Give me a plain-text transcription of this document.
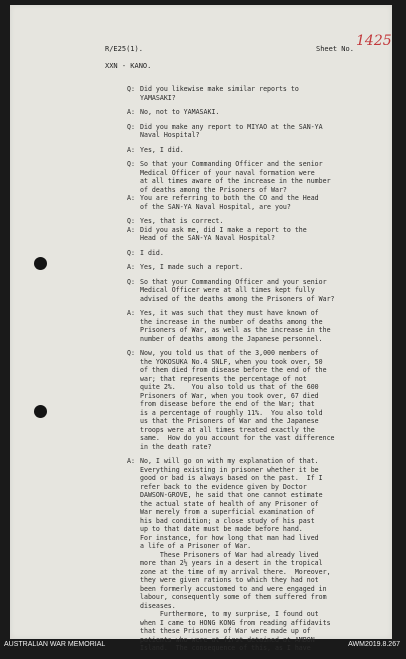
R/E25(1).	Sheet No. 1425
XXN - KANO.
Q: Did you likewise make similar reports to
YAMASAKI?
A: No, not to YAMASAKI.
Q: Did you make any report to MIYAO at the SAN-YA
Naval Hospital?
A: Yes, I did.
Q: So that your Commanding Officer and the senior
Medical Officer of your naval formation were
at all times aware of the increase in the number
of deaths among the Prisoners of War?
A: You are referring to both the CO and the Head
of the SAN-YA Naval Hospital, are you?
Q: Yes, that is correct.
A: Did you ask me, did I make a report to the
Head of the SAN-YA Naval Hospital?
Q: I did.
A: Yes, I made such a report.
Q: So that your Commanding Officer and your senior
Medical Officer were at all times kept fully
advised of the deaths among the Prisoners of War?
A: Yes, it was such that they must have known of
the increase in the number of deaths among the
Prisoners of War, as well as the increase in the
number of deaths among the Japanese personnel.
Q: Now, you told us that of the 3,000 members of
the YOKOSUKA No.4 SNLF, when you took over, 50
of them died from disease before the end of the
war; that represents the percentage of not
quite 2%.    You also told us that of the 600
Prisoners of War, when you took over, 67 died
from disease before the end of the War; that
is a percentage of roughly 11%.  You also told
us that the Prisoners of War and the Japanese
troops were at all times treated exactly the
same.  How do you account for the vast difference
in the death rate?
A: No, I will go on with my explanation of that.
Everything existing in prisoner whether it be
good or bad is always based on the past.  If I
refer back to the evidence given by Doctor
DAWSON-GROVE, he said that one cannot estimate
the actual state of health of any Prisoner of
War merely from a superficial examination of
his bad condition; a close study of his past
up to that date must be made before hand.
For instance, for how long that man had lived
a life of a Prisoner of War.
These Prisoners of War had already lived
more than 2½ years in a desert in the tropical
zone at the time of my arrival there.  Moreover,
they were given rations to which they had not
been formerly accustomed to and were engaged in
labour, consequently some of them suffered from
diseases.
Furthermore, to my surprise, I found out
when I came to HONG KONG from reading affidavits
that these Prisoners of War were made up of
patients who were at first detained at AMBON
Island.  The consequence of this, as I have
AUSTRALIAN WAR MEMORIAL	AWM2019.8.267
